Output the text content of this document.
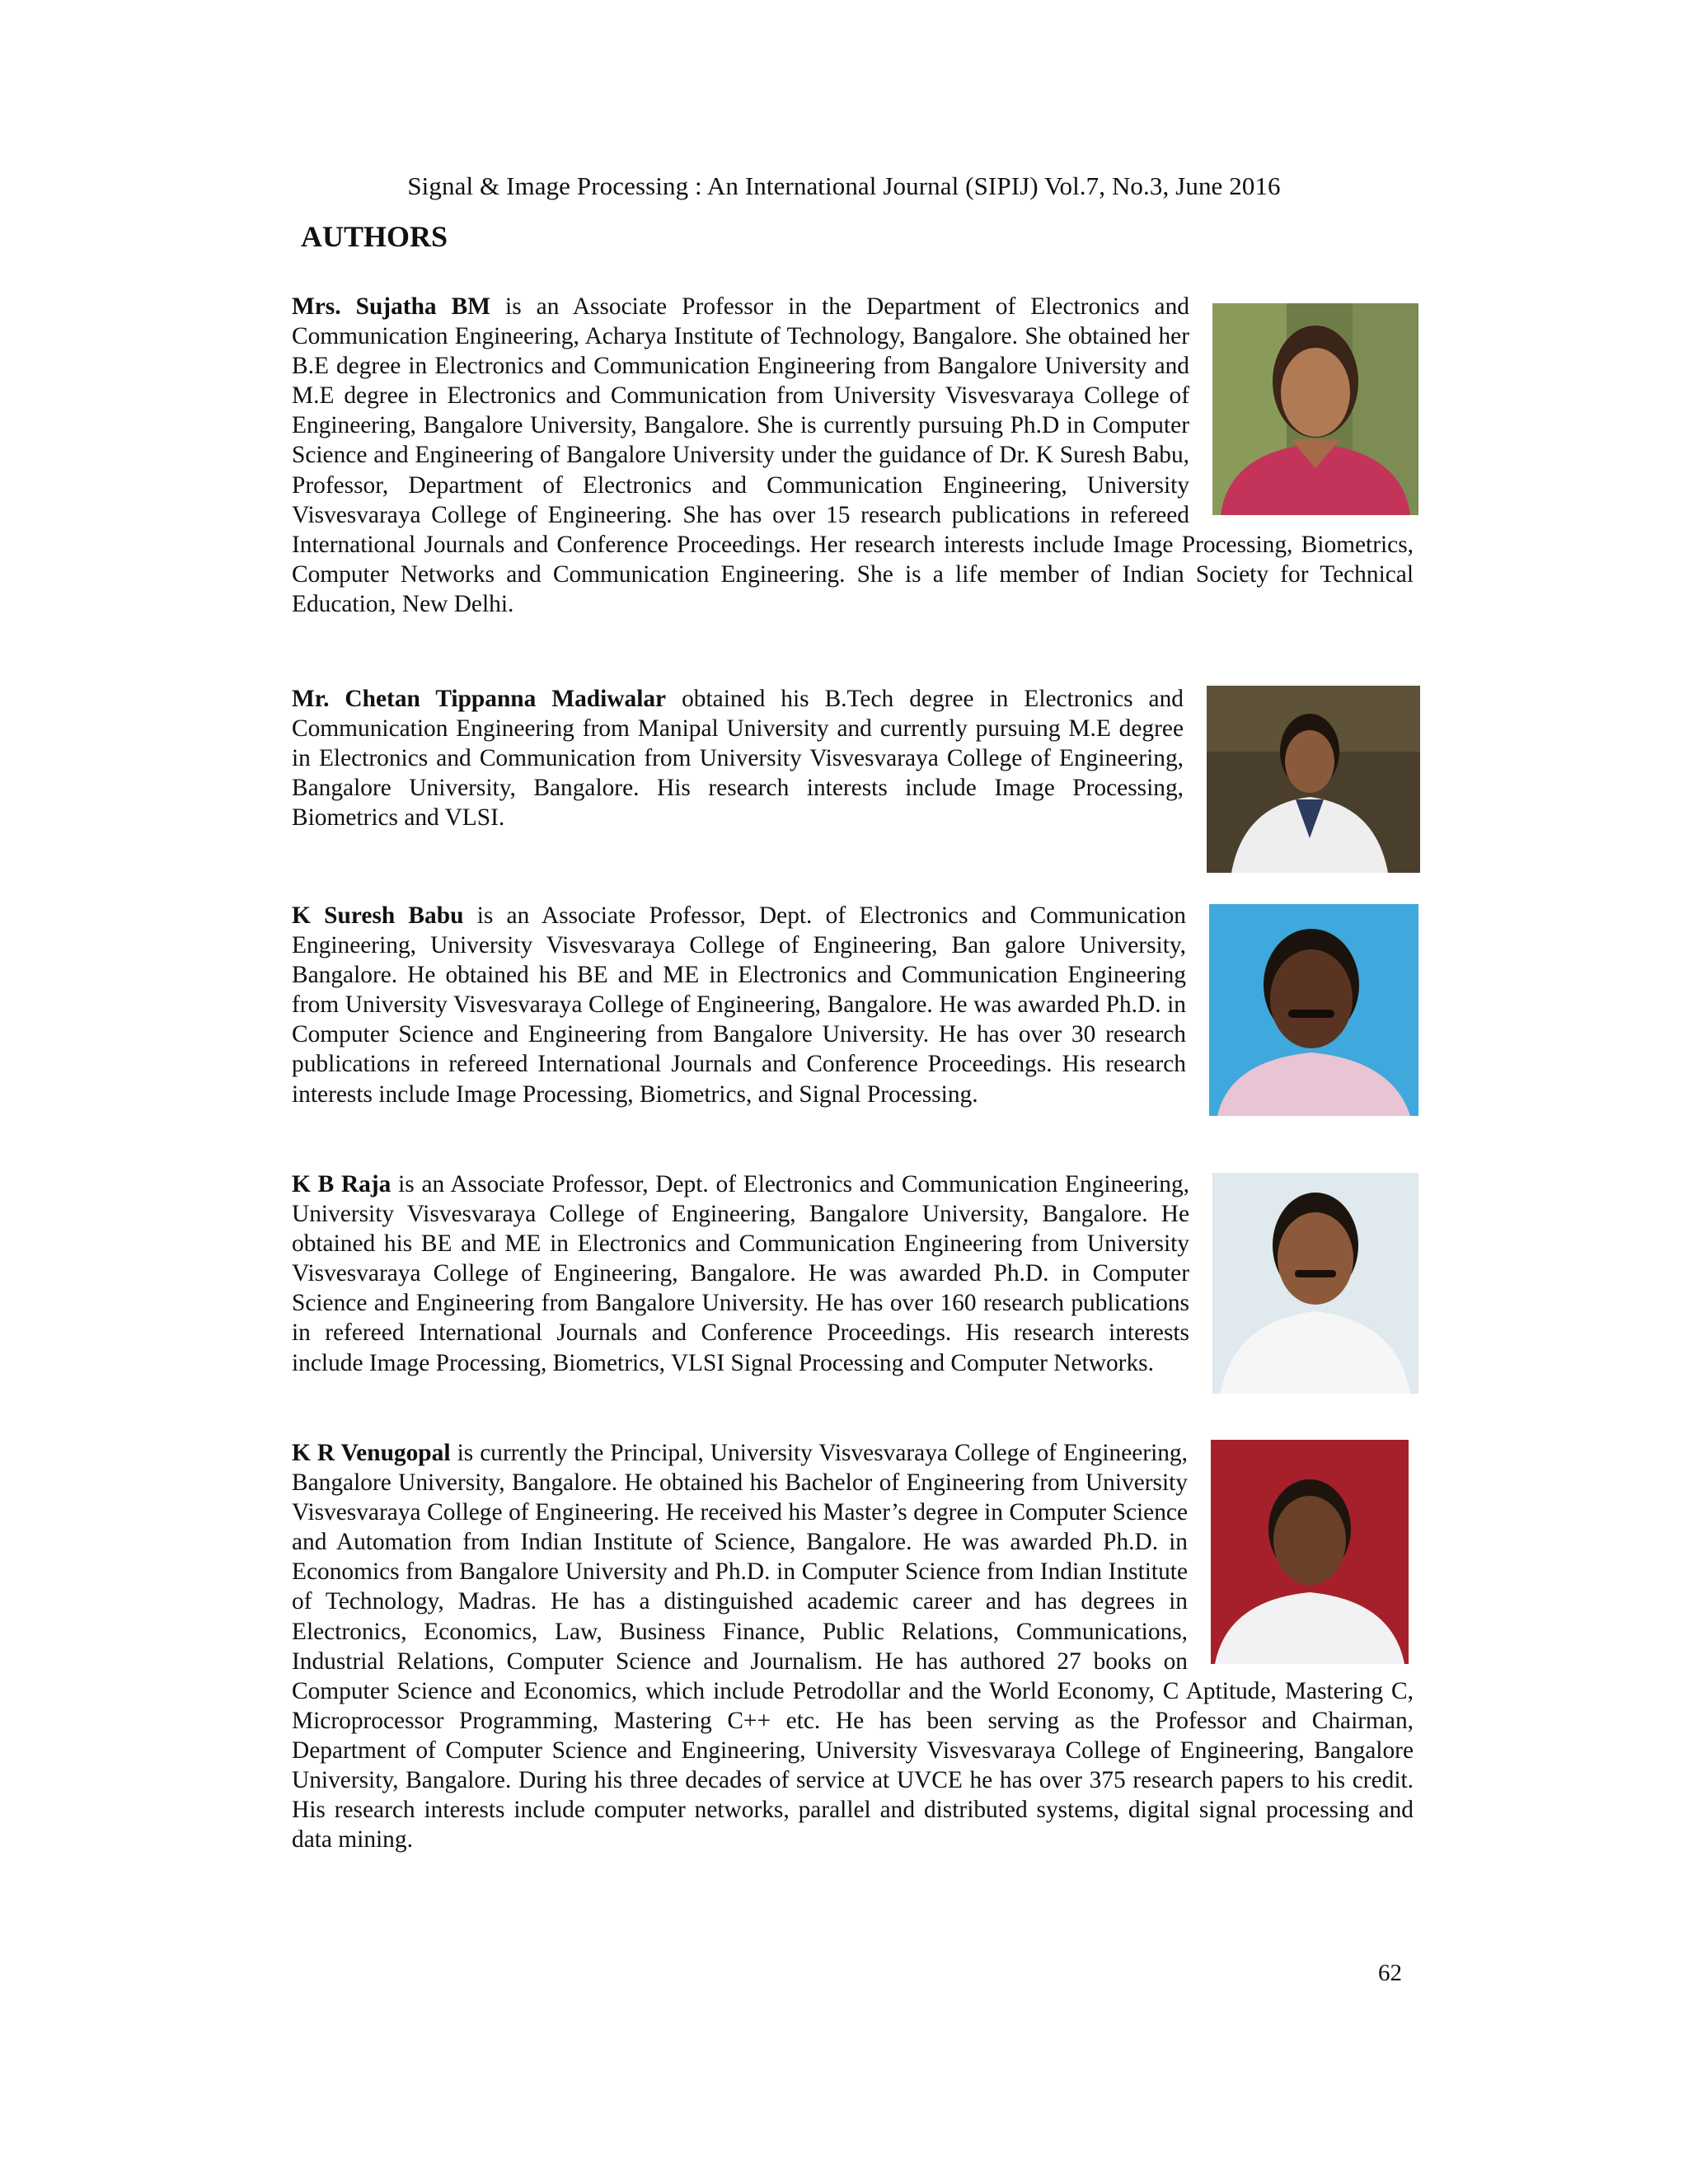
Signal & Image Processing : An International Journal (SIPIJ) Vol.7, No.3, June 2016
AUTHORS

Mrs. Sujatha BM is an Associate Professor in the Department of Electronics and Communication Engineering, Acharya Institute of Technology, Bangalore. She obtained her B.E degree in Electronics and Communication Engineering from Bangalore University and M.E degree in Electronics and Communication from University Visvesvaraya College of Engineering, Bangalore University, Bangalore. She is currently pursuing Ph.D in Computer Science and Engineering of Bangalore University under the guidance of Dr. K Suresh Babu, Professor, Department of Electronics and Communication Engineering, University Visvesvaraya College of Engineering. She has over 15 research publications in refereed International Journals and Conference Proceedings. Her research interests include Image Processing, Biometrics, Computer Networks and Communication Engineering. She is a life member of Indian Society for Technical Education, New Delhi.

Mr. Chetan Tippanna Madiwalar obtained his B.Tech degree in Electronics and Communication Engineering from Manipal University and currently pursuing M.E degree in Electronics and Communication from University Visvesvaraya College of Engineering, Bangalore University, Bangalore. His research interests include Image Processing, Biometrics and VLSI.

K Suresh Babu is an Associate Professor, Dept. of Electronics and Communication Engineering, University Visvesvaraya College of Engineering, Ban galore University, Bangalore. He obtained his BE and ME in Electronics and Communication Engineering from University Visvesvaraya College of Engineering, Bangalore. He was awarded Ph.D. in Computer Science and Engineering from Bangalore University. He has over 30 research publications in refereed International Journals and Conference Proceedings. His research interests include Image Processing, Biometrics, and Signal Processing.

K B Raja is an Associate Professor, Dept. of Electronics and Communication Engineering, University Visvesvaraya College of Engineering, Bangalore University, Bangalore. He obtained his BE and ME in Electronics and Communication Engineering from University Visvesvaraya College of Engineering, Bangalore. He was awarded Ph.D. in Computer Science and Engineering from Bangalore University. He has over 160 research publications in refereed International Journals and Conference Proceedings. His research interests include Image Processing, Biometrics, VLSI Signal Processing and Computer Networks.

K R Venugopal is currently the Principal, University Visvesvaraya College of Engineering, Bangalore University, Bangalore. He obtained his Bachelor of Engineering from University Visvesvaraya College of Engineering. He received his Master’s degree in Computer Science and Automation from Indian Institute of Science, Bangalore. He was awarded Ph.D. in Economics from Bangalore University and Ph.D. in Computer Science from Indian Institute of Technology, Madras. He has a distinguished academic career and has degrees in Electronics, Economics, Law, Business Finance, Public Relations, Communications, Industrial Relations, Computer Science and Journalism. He has authored 27 books on Computer Science and Economics, which include Petrodollar and the World Economy, C Aptitude, Mastering C, Microprocessor Programming, Mastering C++ etc. He has been serving as the Professor and Chairman, Department of Computer Science and Engineering, University Visvesvaraya College of Engineering, Bangalore University, Bangalore. During his three decades of service at UVCE he has over 375 research papers to his credit. His research interests include computer networks, parallel and distributed systems, digital signal processing and data mining.

62
